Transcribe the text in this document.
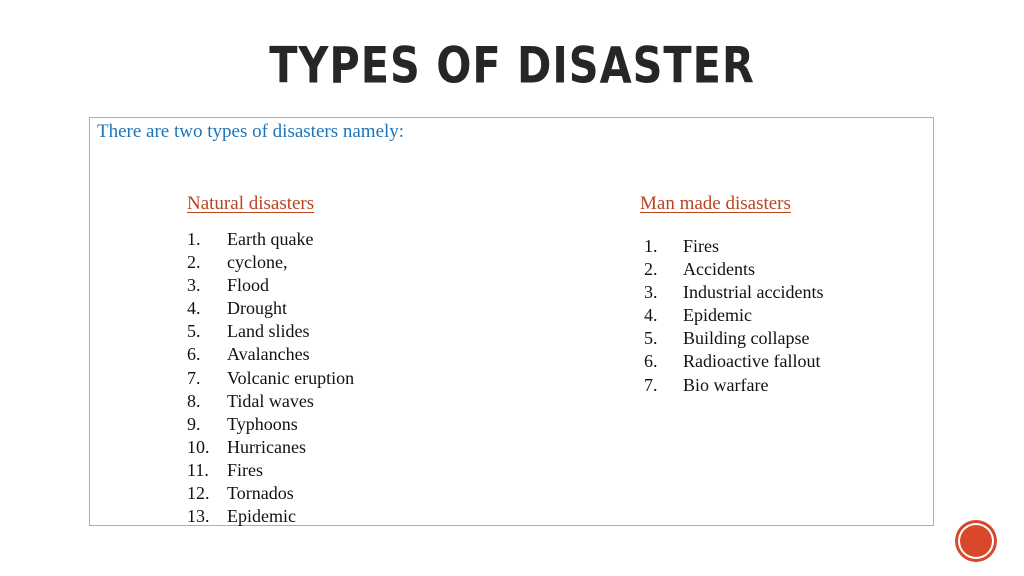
TYPES OF DISASTER
There are two types of disasters namely:
Natural disasters	Man made disasters
1. Earth quake
2. cyclone,
3. Flood
4. Drought
5. Land slides
6. Avalanches
7. Volcanic eruption
8. Tidal waves
9. Typhoons
10. Hurricanes
11. Fires
12. Tornados
13. Epidemic
1. Fires
2. Accidents
3. Industrial accidents
4. Epidemic
5. Building collapse
6. Radioactive fallout
7. Bio warfare
